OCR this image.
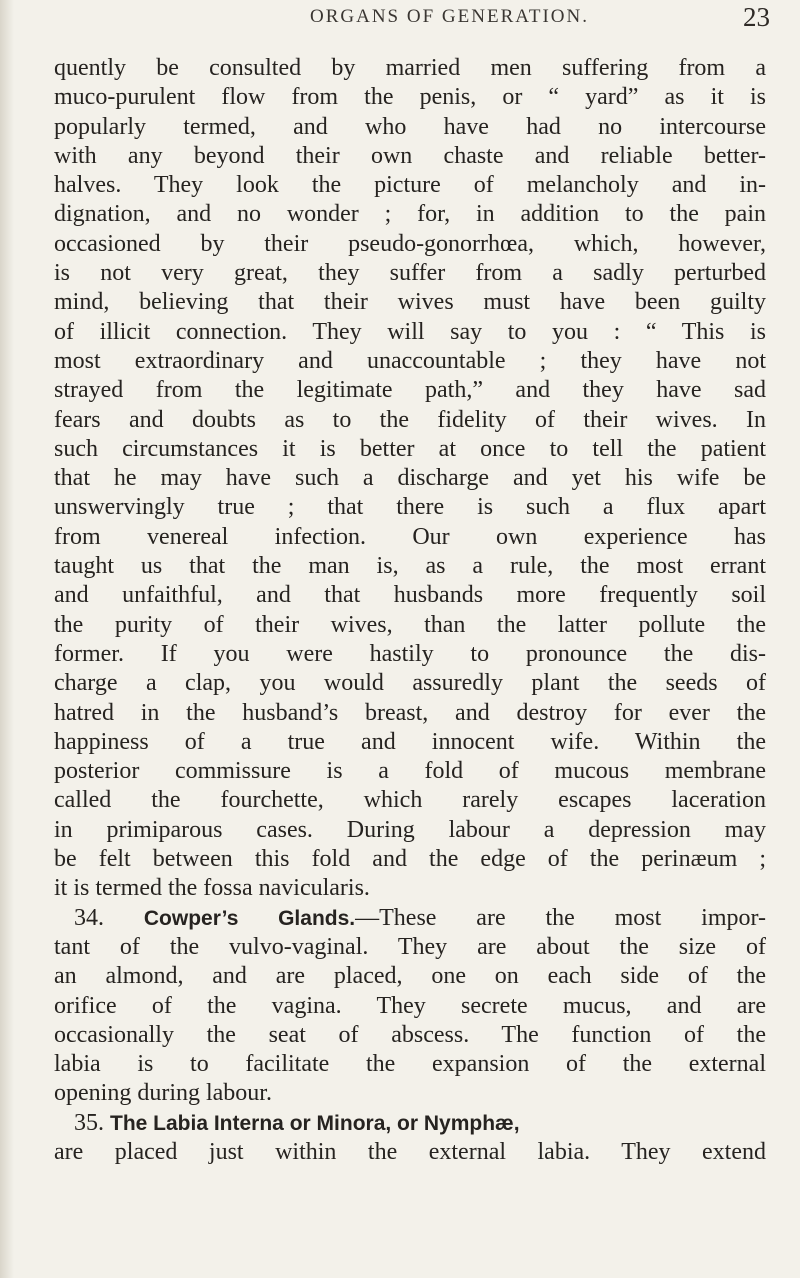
ORGANS OF GENERATION.	23
quently be consulted by married men suffering from a
muco-purulent flow from the penis, or “ yard” as it is
popularly termed, and who have had no intercourse
with any beyond their own chaste and reliable better-
halves. They look the picture of melancholy and in-
dignation, and no wonder ; for, in addition to the pain
occasioned by their pseudo-gonorrhœa, which, however,
is not very great, they suffer from a sadly perturbed
mind, believing that their wives must have been guilty
of illicit connection. They will say to you : “ This is
most extraordinary and unaccountable ; they have not
strayed from the legitimate path,” and they have sad
fears and doubts as to the fidelity of their wives. In
such circumstances it is better at once to tell the patient
that he may have such a discharge and yet his wife be
unswervingly true ; that there is such a flux apart
from venereal infection. Our own experience has
taught us that the man is, as a rule, the most errant
and unfaithful, and that husbands more frequently soil
the purity of their wives, than the latter pollute the
former. If you were hastily to pronounce the dis-
charge a clap, you would assuredly plant the seeds of
hatred in the husband’s breast, and destroy for ever the
happiness of a true and innocent wife. Within the
posterior commissure is a fold of mucous membrane
called the fourchette, which rarely escapes laceration
in primiparous cases. During labour a depression may
be felt between this fold and the edge of the perinæum ;
it is termed the fossa navicularis.
34. Cowper’s Glands.—These are the most impor-
tant of the vulvo-vaginal. They are about the size of
an almond, and are placed, one on each side of the
orifice of the vagina. They secrete mucus, and are
occasionally the seat of abscess. The function of the
labia is to facilitate the expansion of the external
opening during labour.
35. The Labia Interna or Minora, or Nymphæ,
are placed just within the external labia. They extend
